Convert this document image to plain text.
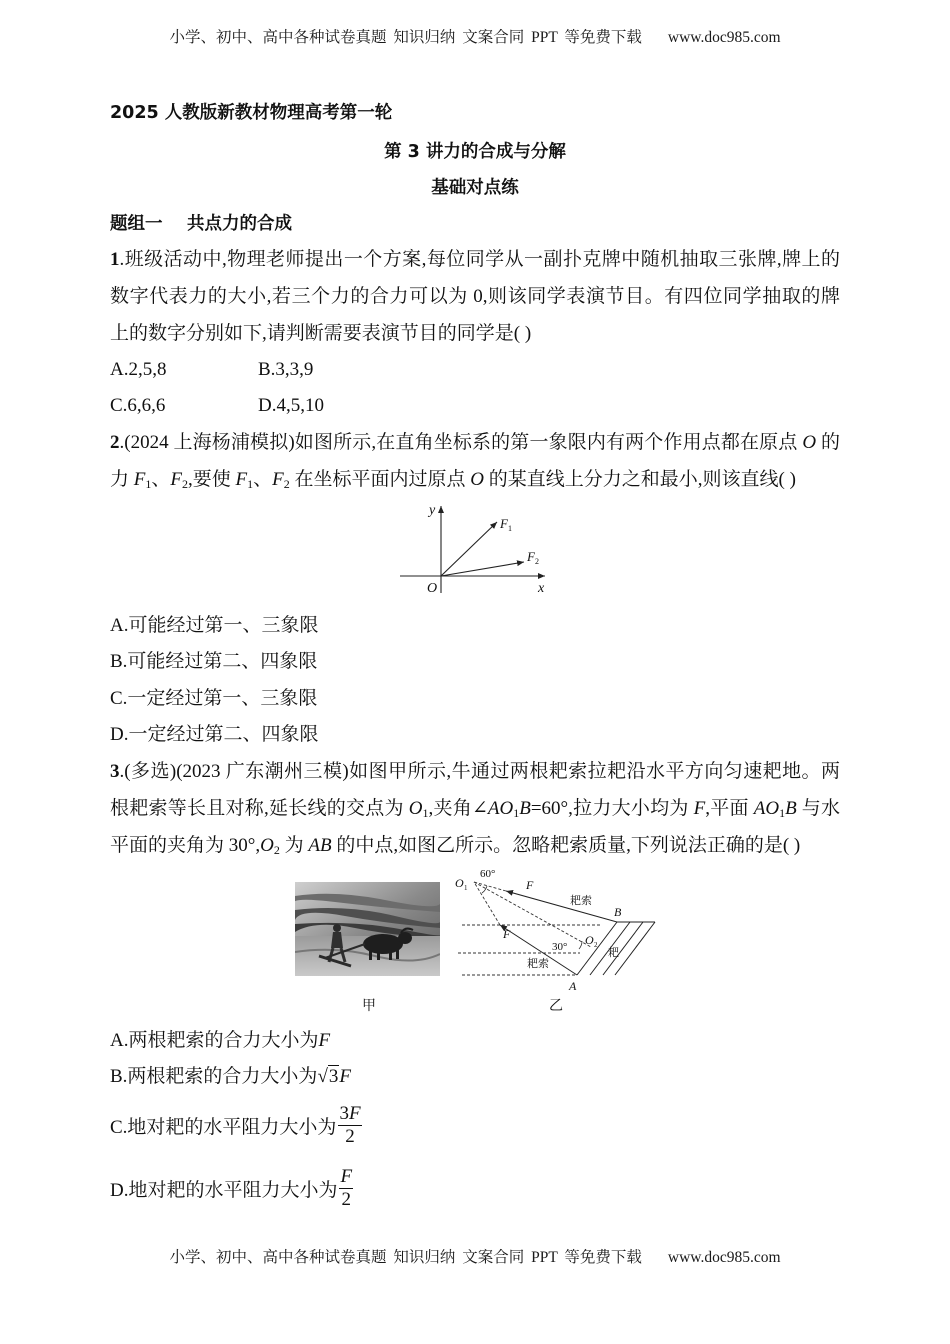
小学、初中、高中各种试卷真题 知识归纳 文案合同 PPT 等免费下载 www.doc985.com
2025 人教版新教材物理高考第一轮
第 3 讲力的合成与分解
基础对点练
题组一 共点力的合成
1.班级活动中,物理老师提出一个方案,每位同学从一副扑克牌中随机抽取三张牌,牌上的
数字代表力的大小,若三个力的合力可以为 0,则该同学表演节目。有四位同学抽取的牌
上的数字分别如下,请判断需要表演节目的同学是( )
A.2,5,8	B.3,3,9
C.6,6,6	D.4,5,10
2.(2024 上海杨浦模拟)如图所示,在直角坐标系的第一象限内有两个作用点都在原点 O 的
力 F1、F2,要使 F1、F2 在坐标平面内过原点 O 的某直线上分力之和最小,则该直线( )
y
x
O
F 1
F 2
A.可能经过第一、三象限
B.可能经过第二、四象限
C.一定经过第一、三象限
D.一定经过第二、四象限
3.(多选)(2023 广东潮州三模)如图甲所示,牛通过两根耙索拉耙沿水平方向匀速耙地。两
根耙索等长且对称,延长线的交点为 O1,夹角∠AO1B=60°,拉力大小均为 F,平面 AO1B 与水
平面的夹角为 30°,O2 为 AB 的中点,如图乙所示。忽略耙索质量,下列说法正确的是( )
甲
O 1
60°
F
耙索
B
F
30° O 2
耙索
耙
A
乙
A.两根耙索的合力大小为F
B.两根耙索的合力大小为√3F
C.地对耙的水平阻力大小为 $\frac{3F}{2}$
D.地对耙的水平阻力大小为 $\frac{F}{2}$
小学、初中、高中各种试卷真题 知识归纳 文案合同 PPT 等免费下载 www.doc985.com
